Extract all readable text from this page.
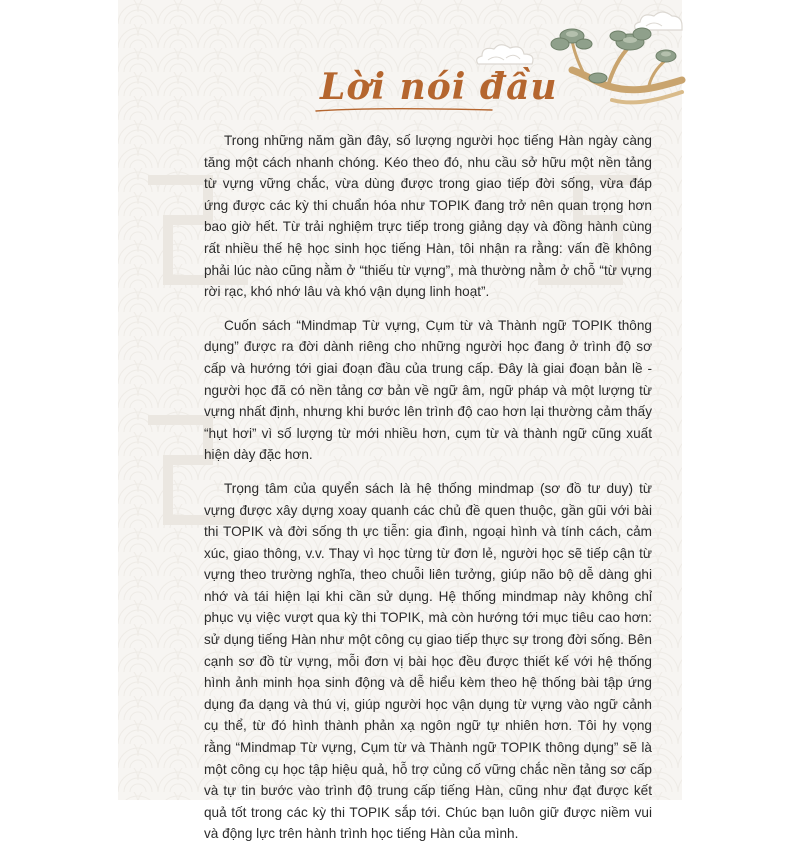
Lời nói đầu

Trong những năm gần đây, số lượng người học tiếng Hàn ngày càng tăng một cách nhanh chóng. Kéo theo đó, nhu cầu sở hữu một nền tảng từ vựng vững chắc, vừa dùng được trong giao tiếp đời sống, vừa đáp ứng được các kỳ thi chuẩn hóa như TOPIK đang trở nên quan trọng hơn bao giờ hết. Từ trải nghiệm trực tiếp trong giảng dạy và đồng hành cùng rất nhiều thế hệ học sinh học tiếng Hàn, tôi nhận ra rằng: vấn đề không phải lúc nào cũng nằm ở “thiếu từ vựng”, mà thường nằm ở chỗ “từ vựng rời rạc, khó nhớ lâu và khó vận dụng linh hoạt”.

Cuốn sách “Mindmap Từ vựng, Cụm từ và Thành ngữ TOPIK thông dụng” được ra đời dành riêng cho những người học đang ở trình độ sơ cấp và hướng tới giai đoạn đầu của trung cấp. Đây là giai đoạn bản lề - người học đã có nền tảng cơ bản về ngữ âm, ngữ pháp và một lượng từ vựng nhất định, nhưng khi bước lên trình độ cao hơn lại thường cảm thấy “hụt hơi” vì số lượng từ mới nhiều hơn, cụm từ và thành ngữ cũng xuất hiện dày đặc hơn.

Trọng tâm của quyển sách là hệ thống mindmap (sơ đồ tư duy) từ vựng được xây dựng xoay quanh các chủ đề quen thuộc, gần gũi với bài thi TOPIK và đời sống th ực tiễn: gia đình, ngoại hình và tính cách, cảm xúc, giao thông, v.v. Thay vì học từng từ đơn lẻ, người học sẽ tiếp cận từ vựng theo trường nghĩa, theo chuỗi liên tưởng, giúp não bộ dễ dàng ghi nhớ và tái hiện lại khi cần sử dụng. Hệ thống mindmap này không chỉ phục vụ việc vượt qua kỳ thi TOPIK, mà còn hướng tới mục tiêu cao hơn: sử dụng tiếng Hàn như một công cụ giao tiếp thực sự trong đời sống. Bên cạnh sơ đồ từ vựng, mỗi đơn vị bài học đều được thiết kế với hệ thống hình ảnh minh họa sinh động và dễ hiểu kèm theo hệ thống bài tập ứng dụng đa dạng và thú vị, giúp người học vận dụng từ vựng vào ngữ cảnh cụ thể, từ đó hình thành phản xạ ngôn ngữ tự nhiên hơn. Tôi hy vọng rằng “Mindmap Từ vựng, Cụm từ và Thành ngữ TOPIK thông dụng” sẽ là một công cụ học tập hiệu quả, hỗ trợ củng cố vững chắc nền tảng sơ cấp và tự tin bước vào trình độ trung cấp tiếng Hàn, cũng như đạt được kết quả tốt trong các kỳ thi TOPIK sắp tới. Chúc bạn luôn giữ được niềm vui và động lực trên hành trình học tiếng Hàn của mình.
